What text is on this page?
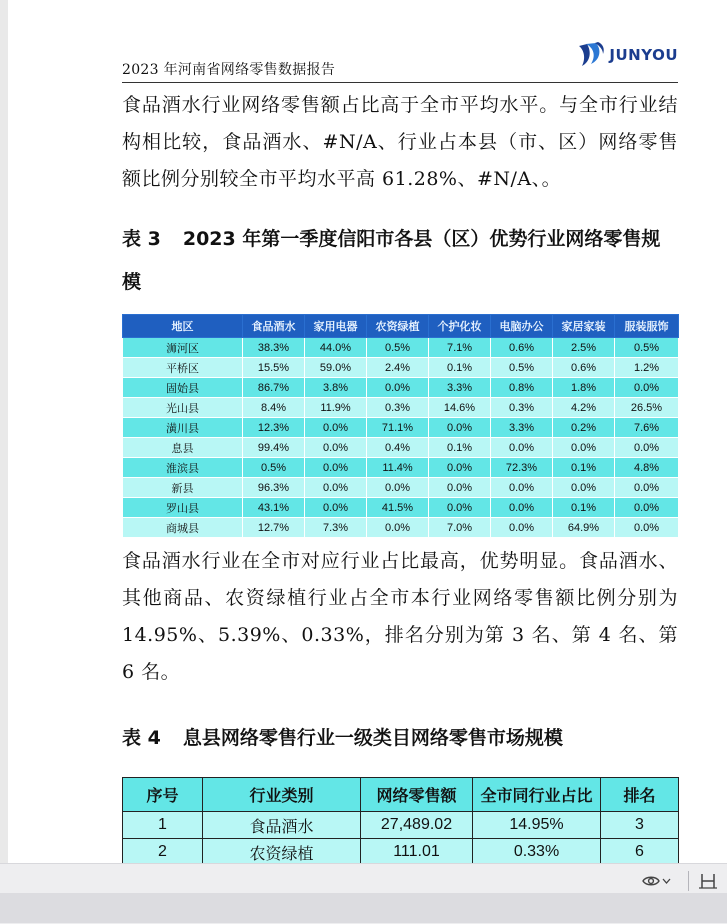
2023 年河南省网络零售数据报告
JUNYOU

食品酒水行业网络零售额占比高于全市平均水平。与全市行业结构相比较，食品酒水、#N/A、行业占本县（市、区）网络零售额比例分别较全市平均水平高 61.28%、#N/A、。

表 3 2023 年第一季度信阳市各县（区）优势行业网络零售规模
地区	食品酒水	家用电器	农资绿植	个护化妆	电脑办公	家居家装	服装服饰
浉河区	38.3%	44.0%	0.5%	7.1%	0.6%	2.5%	0.5%
平桥区	15.5%	59.0%	2.4%	0.1%	0.5%	0.6%	1.2%
固始县	86.7%	3.8%	0.0%	3.3%	0.8%	1.8%	0.0%
光山县	8.4%	11.9%	0.3%	14.6%	0.3%	4.2%	26.5%
潢川县	12.3%	0.0%	71.1%	0.0%	3.3%	0.2%	7.6%
息县	99.4%	0.0%	0.4%	0.1%	0.0%	0.0%	0.0%
淮滨县	0.5%	0.0%	11.4%	0.0%	72.3%	0.1%	4.8%
新县	96.3%	0.0%	0.0%	0.0%	0.0%	0.0%	0.0%
罗山县	43.1%	0.0%	41.5%	0.0%	0.0%	0.1%	0.0%
商城县	12.7%	7.3%	0.0%	7.0%	0.0%	64.9%	0.0%

食品酒水行业在全市对应行业占比最高，优势明显。食品酒水、其他商品、农资绿植行业占全市本行业网络零售额比例分别为 14.95%、5.39%、0.33%，排名分别为第 3 名、第 4 名、第 6 名。

表 4 息县网络零售行业一级类目网络零售市场规模
序号	行业类别	网络零售额	全市同行业占比	排名
1	食品酒水	27,489.02	14.95%	3
2	农资绿植	111.01	0.33%	6
